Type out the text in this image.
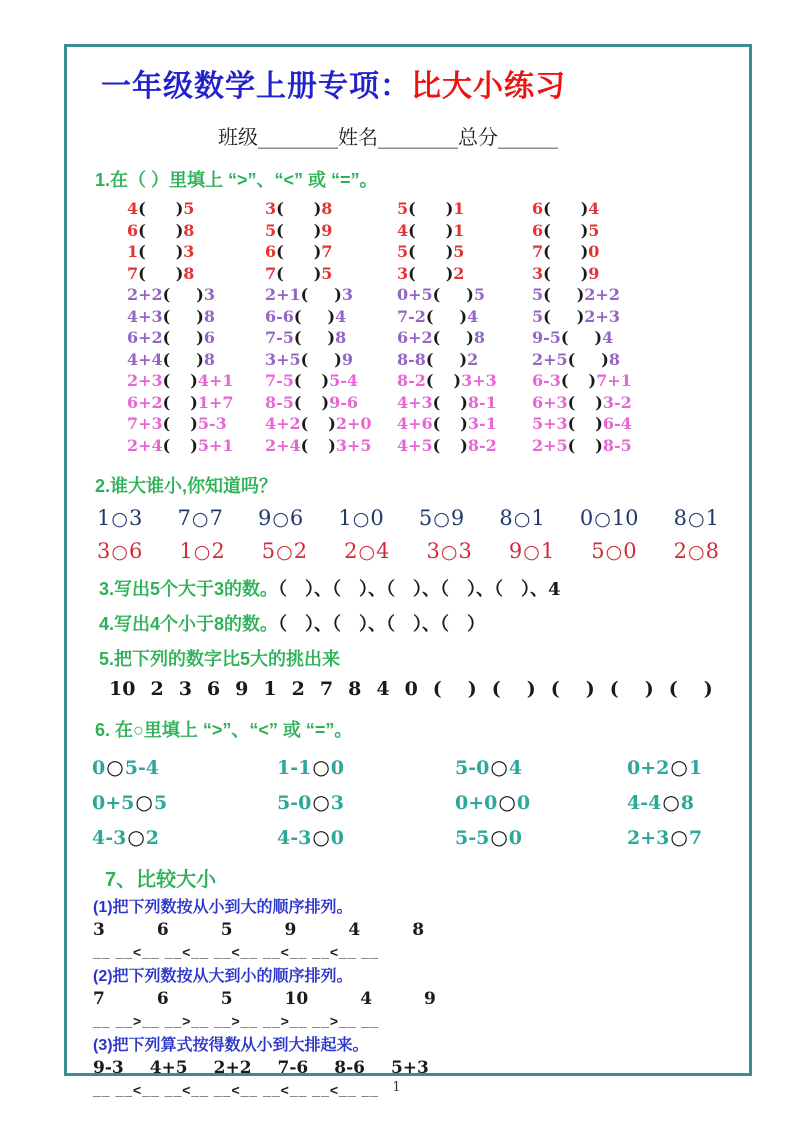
一年级数学上册专项：比大小练习
班级________姓名________总分______
1.在（ ）里填上 “>”、“<” 或 “=”。
4( )5	3( )8	5( )1	6( )4
6( )8	5( )9	4( )1	6( )5
1( )3	6( )7	5( )5	7( )0
7( )8	7( )5	3( )2	3( )9
2+2( )3	2+1( )3	0+5( )5	5( )2+2
4+3( )8	6-6( )4	7-2( )4	5( )2+3
6+2( )6	7-5( )8	6+2( )8	9-5( )4
4+4( )8	3+5( )9	8-8( )2	2+5( )8
2+3( )4+1	7-5( )5-4	8-2( )3+3	6-3( )7+1
6+2( )1+7	8-5( )9-6	4+3( )8-1	6+3( )3-2
7+3( )5-3	4+2( )2+0	4+6( )3-1	5+3( )6-4
2+4( )5+1	2+4( )3+5	4+5( )8-2	2+5( )8-5
2.谁大谁小,你知道吗？
1○3 7○7 9○6 1○0 5○9 8○1 0○10 8○1
3○6 1○2 5○2 2○4 3○3 9○1 5○0 2○8
3.写出5个大于3的数。（　）、（　）、（　）、（　）、（　）、4
4.写出4个小于8的数。（　）、（　）、（　）、（　）
5.把下列的数字比5大的挑出来
10 2 3 6 9 1 2 7 8 4 0 ( ) ( ) ( ) ( ) ( )
6. 在○里填上 “>”、“<” 或 “=”。
0○5-4	1-1○0	5-0○4	0+2○1
0+5○5	5-0○3	0+0○0	4-4○8
4-3○2	4-3○0	5-5○0	2+3○7
7、比较大小
(1)把下列数按从小到大的顺序排列。
3	6	5	9	4	8
__ __<__ __<__ __<__ __<__ __<__ __
(2)把下列数按从大到小的顺序排列。
7	6	5	10	4	9
__ __>__ __>__ __>__ __>__ __>__ __
(3)把下列算式按得数从小到大排起来。
9-3 4+5 2+2 7-6 8-6 5+3
__ __<__ __<__ __<__ __<__ __<__ __	1
